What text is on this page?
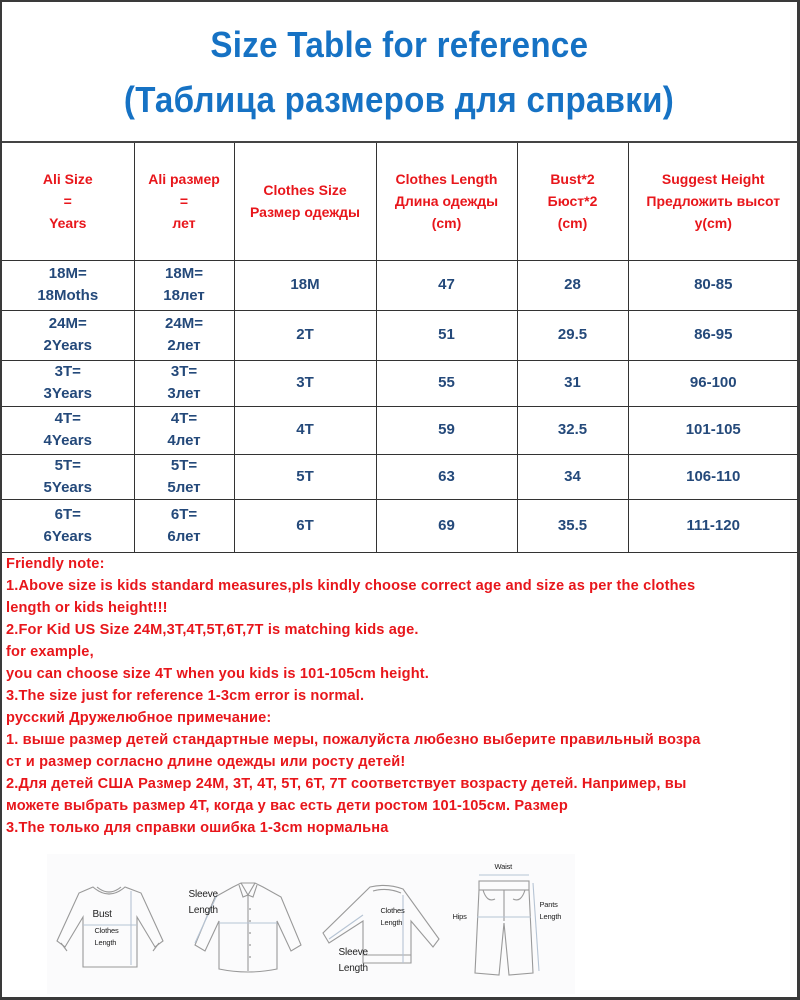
Size Table for reference
(Таблица размеров для справки)
Ali Size
=
Years	Ali размер
=
лет	Clothes Size
Размер одежды	Clothes Length
Длина одежды
(cm)	Bust*2
Бюст*2
(cm)	Suggest Height
Предложить высот
у(cm)

18M=
18Moths	18M=
18лет	18M	47	28	80-85

24M=
2Years	24M=
2лет	2T	51	29.5	86-95

3T=
3Years	3T=
3лет	3T	55	31	96-100

4T=
4Years	4T=
4лет	4T	59	32.5	101-105

5T=
5Years	5T=
5лет	5T	63	34	106-110

6T=
6Years	6T=
6лет	6T	69	35.5	111-120

Friendly note:

1.Above size is kids standard measures,pls kindly choose correct age and size as per the clothes

length or kids height!!!

2.For Kid US Size 24M,3T,4T,5T,6T,7T is matching kids age.

for example,

you can choose size 4T when you kids is 101-105cm height.

3.The size just for reference 1-3cm error is normal.

русский Дружелюбное примечание:

1. выше размер детей стандартные меры, пожалуйста любезно выберите правильный возра

ст и размер согласно длине одежды или росту детей!

2.Для детей США Размер 24M, 3T, 4T, 5T, 6T, 7T соответствует возрасту детей. Например, вы

можете выбрать размер 4T, когда у вас есть дети ростом 101-105см. Размер

3.The только для справки ошибка 1-3cm нормальна

Bust
Clothes
Length
Sleeve
Length	Clothes
Length
Sleeve
Length
Waist
Hips
Pants
Length
